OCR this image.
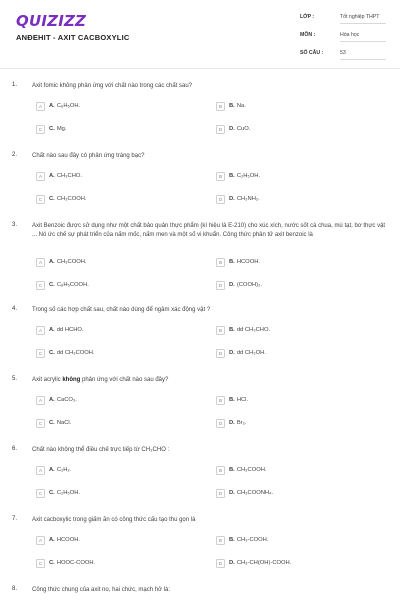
QUIZIZZ
ANĐEHIT - AXIT CACBOXYLIC
LỚP :	Tốt nghiệp THPT
MÔN :	Hóa học
SỐ CÂU :	53
1. Axit fomic không phản ứng với chất nào trong các chất sau?
A	A. C₆H₅OH.	B	B. Na.
C	C. Mg.	D	D. CuO.
2. Chất nào sau đây có phản ứng tráng bạc?
A	A. CH₃CHO.	B	B. C₂H₅OH.
C	C. CH₃COOH.	D	D. CH₃NH₂.
3. Axit Benzoic được sử dụng như một chất bảo quản thực phẩm (kí hiệu là E-210) cho xúc xích, nước sốt cà chua, mù tạt, bơ thực vật ... Nó ức chế sự phát triển của nấm mốc, nấm men và một số vi khuẩn. Công thức phân tử axit benzoic là
A	A. CH₃COOH.	B	B. HCOOH.
C	C. C₆H₅COOH.	D	D. (COOH)₂.
4. Trong số các hợp chất sau, chất nào dùng để ngâm xác động vật ?
A	A. dd HCHO.	B	B. dd CH₃CHO.
C	C. dd CH₃COOH.	D	D. dd CH₃OH.
5. Axit acrylic không phản ứng với chất nào sau đây?
A	A. CaCO₃.	B	B. HCl.
C	C. NaCl.	D	D. Br₂.
6. Chất nào không thể điều chế trực tiếp từ CH₃CHO :
A	A. C₂H₂.	B	B. CH₃COOH.
C	C. C₂H₅OH.	D	D. CH₃COONH₄.
7. Axit cacboxylic trong giấm ăn có công thức cấu tạo thu gọn là
A	A. HCOOH.	B	B. CH₃-COOH.
C	C. HOOC-COOH.	D	D. CH₃-CH(OH)-COOH.
8. Công thức chung của axit no, hai chức, mạch hở là:
